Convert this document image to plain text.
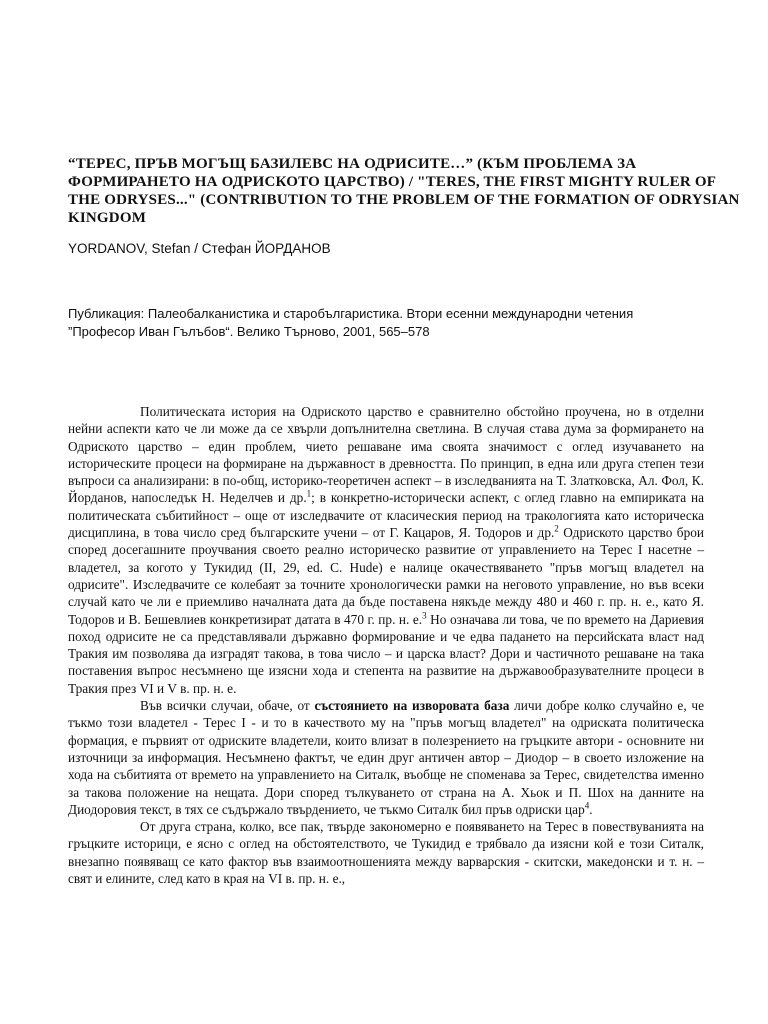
“ТЕРЕС, ПРЪВ МОГЪЩ БАЗИЛЕВС НА ОДРИСИТЕ…” (КЪМ ПРОБЛЕМА ЗА ФОРМИРАНЕТО НА ОДРИСКОТО ЦАРСТВО) / "TERES, THE FIRST MIGHTY RULER OF THE ODRYSES..." (CONTRIBUTION TO THE PROBLEM OF THE FORMATION OF ODRYSIAN KINGDOM

YORDANOV, Stefan / Стефан ЙОРДАНОВ

Публикация: Палеобалканистика и старобългаристика. Втори есенни международни четения
”Професор Иван Гълъбов“. Велико Търново, 2001, 565–578

Политическата история на Одриското царство е сравнително обстойно проучена, но в отделни нейни аспекти като че ли може да се хвърли допълнителна светлина. В случая става дума за формирането на Одриското царство – един проблем, чието решаване има своята значимост с оглед изучаването на историческите процеси на формиране на държавност в древността. По принцип, в една или друга степен тези въпроси са анализирани: в по-общ, историко-теоретичен аспект – в изследванията на Т. Златковска, Ал. Фол, К. Йорданов, напоследък Н. Неделчев и др.$^1$; в конкретно-исторически аспект, с оглед главно на емпириката на политическата събитийност – още от изследвачите от класическия период на тракологията като историческа дисциплина, в това число сред българските учени – от Г. Кацаров, Я. Тодоров и др.$^2$ Одриското царство брои според досегашните проучвания своето реално историческо развитие от управлението на Терес I насетне – владетел, за когото у Тукидид (II, 29, ed. C. Hude) е налице окачествяването "пръв могъщ владетел на одрисите". Изследвачите се колебаят за точните хронологически рамки на неговото управление, но във всеки случай като че ли е приемливо началната дата да бъде поставена някъде между 480 и 460 г. пр. н. е., като Я. Тодоров и В. Бешевлиев конкретизират датата в 470 г. пр. н. е.$^3$ Но означава ли това, че по времето на Дариевия поход одрисите не са представлявали държавно формирование и че едва падането на персийската власт над Тракия им позволява да изградят такова, в това число – и царска власт? Дори и частичното решаване на така поставения въпрос несъмнено ще изясни хода и степента на развитие на държавообразувателните процеси в Тракия през VI и V в. пр. н. е.

Във всички случаи, обаче, от състоянието на изворовата база личи добре колко случайно е, че тъкмо този владетел - Терес I - и то в качеството му на "пръв могъщ владетел" на одриската политическа формация, е първият от одриските владетели, които влизат в полезрението на гръцките автори - основните ни източници за информация. Несъмнено фактът, че един друг античен автор – Диодор – в своето изложение на хода на събитията от времето на управлението на Ситалк, въобще не споменава за Терес, свидетелства именно за такова положение на нещата. Дори според тълкуването от страна на А. Хьок и П. Шох на данните на Диодоровия текст, в тях се съдържало твърдението, че тъкмо Ситалк бил пръв одриски цар$^4$.

От друга страна, колко, все пак, твърде закономерно е появяването на Терес в повествуванията на гръцките историци, е ясно с оглед на обстоятелството, че Тукидид е трябвало да изясни кой е този Ситалк, внезапно появяващ се като фактор във взаимоотношенията между варварския - скитски, македонски и т. н. – свят и елините, след като в края на VI в. пр. н. е.,
